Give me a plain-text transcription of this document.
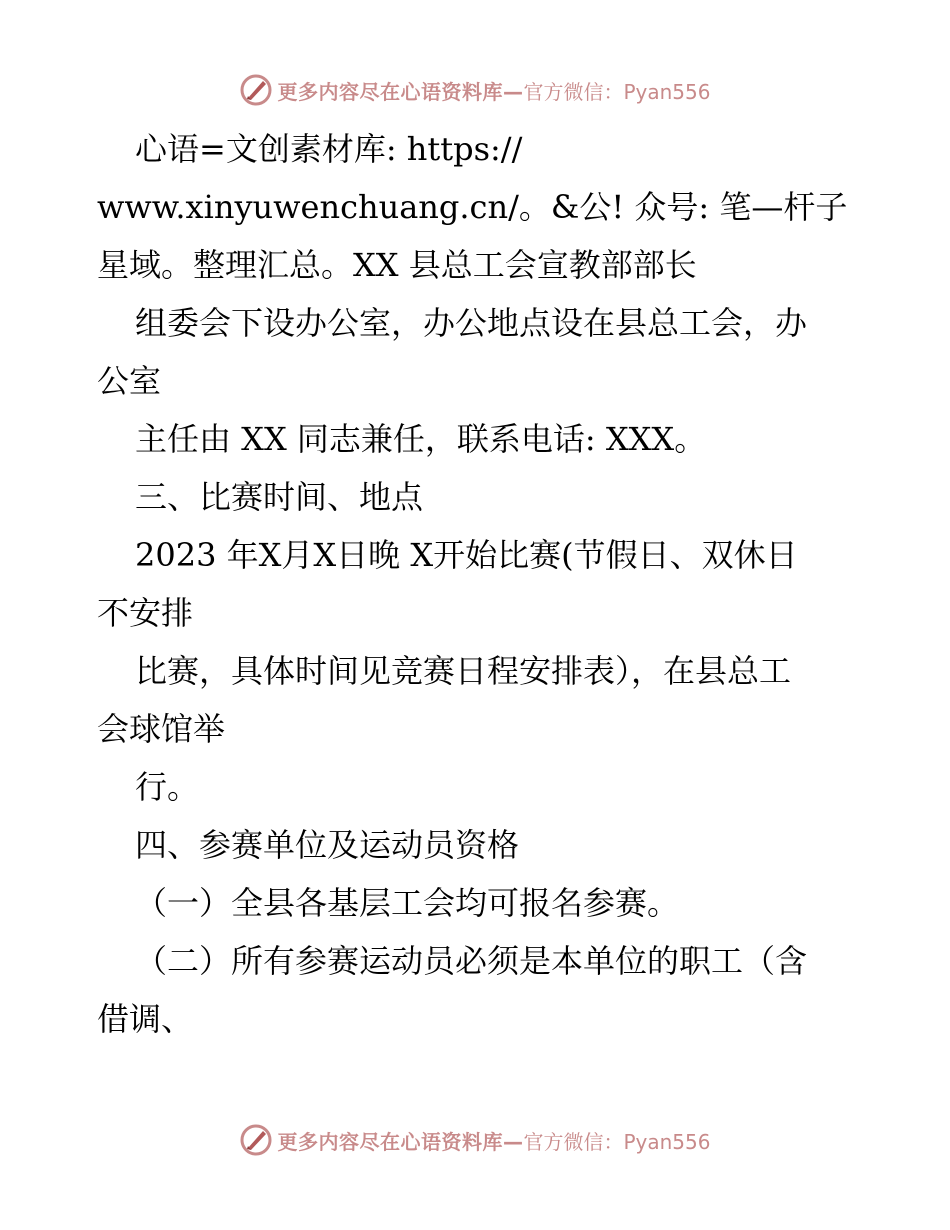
更多内容尽在心语资料库— 官方微信：Pyan556
心语=文创素材库: https://
www.xinyuwenchuang.cn/。&公! 众号: 笔—杆子
星域。整理汇总。XX 县总工会宣教部部长
组委会下设办公室，办公地点设在县总工会，办
公室
主任由 XX 同志兼任，联系电话: XXX。
三、比赛时间、地点
2023 年X月X日晚 X开始比赛(节假日、双休日
不安排
比赛，具体时间见竞赛日程安排表），在县总工
会球馆举
行。
四、参赛单位及运动员资格
（一）全县各基层工会均可报名参赛。
（二）所有参赛运动员必须是本单位的职工（含
借调、
更多内容尽在心语资料库— 官方微信：Pyan556
